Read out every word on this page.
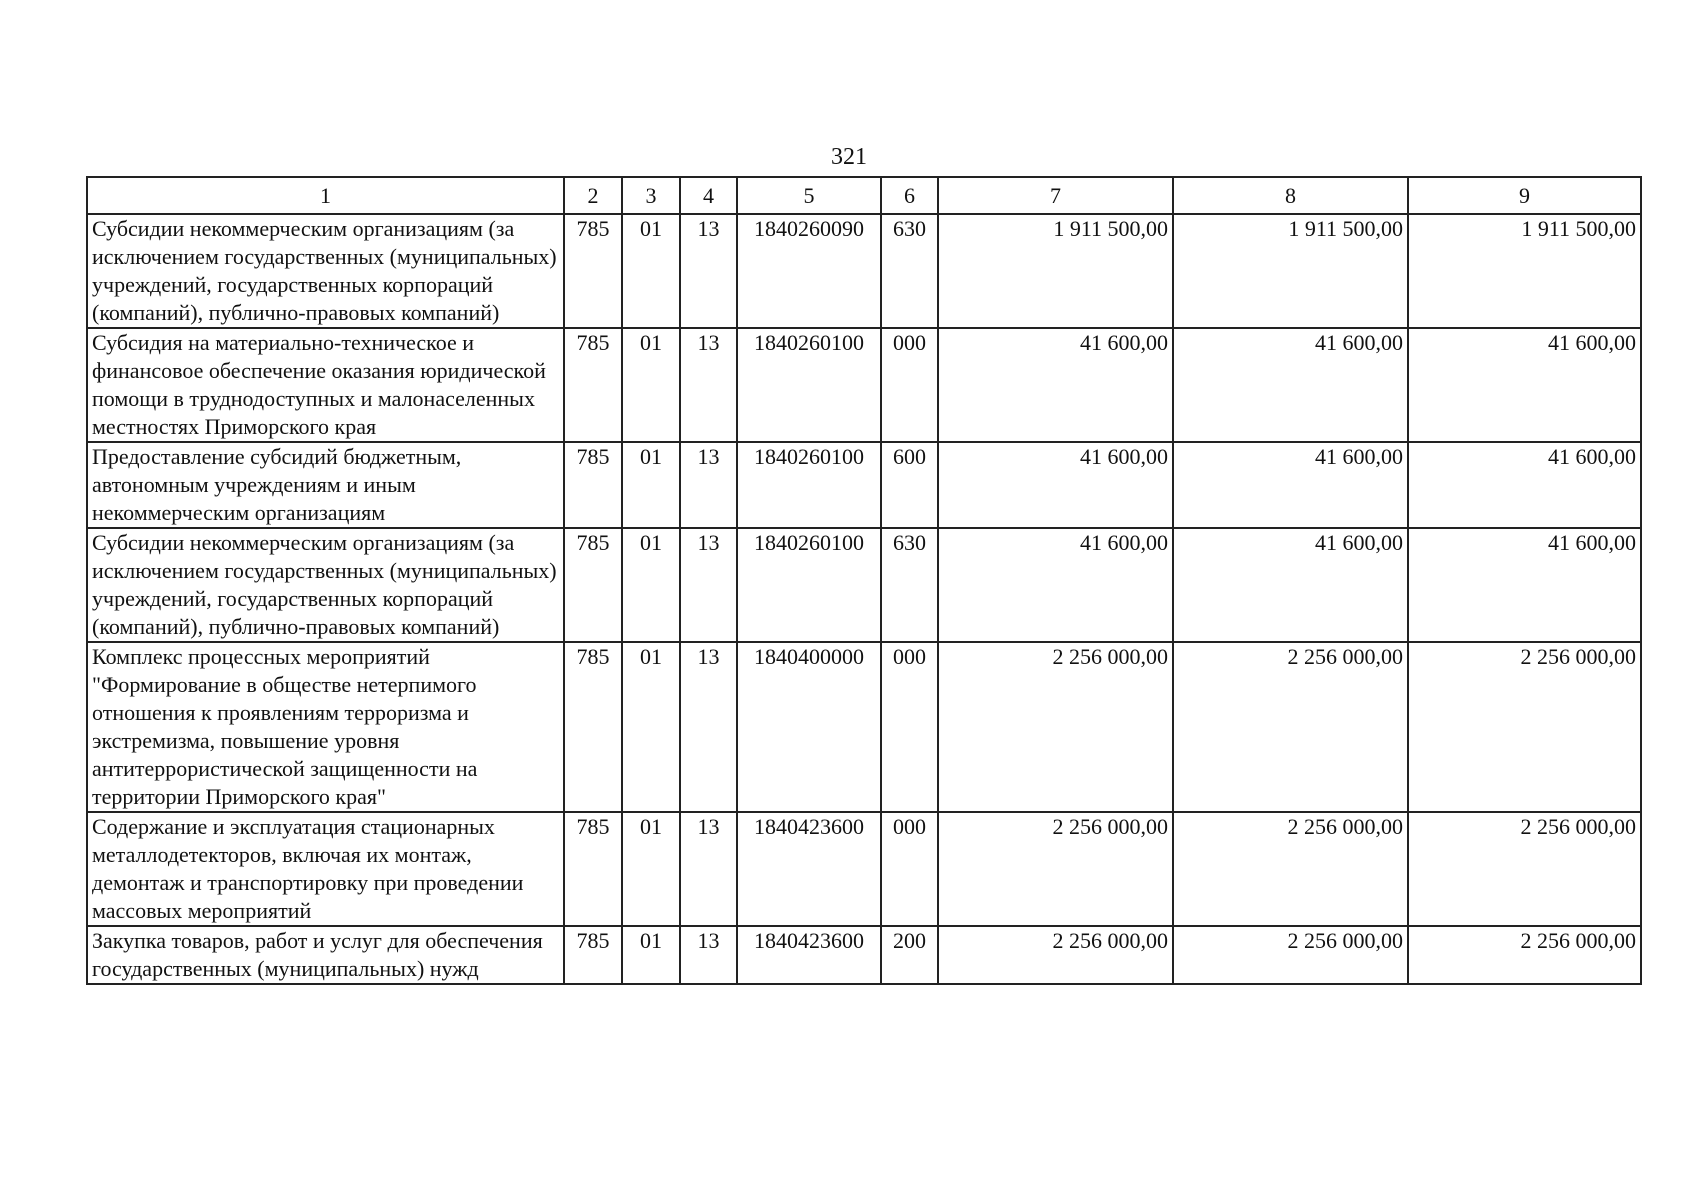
321
1	2	3	4	5	6	7	8	9
Субсидии некоммерческим организациям (за исключением государственных (муниципальных) учреждений, государственных корпораций (компаний), публично-правовых компаний)	785	01	13	1840260090	630	1 911 500,00	1 911 500,00	1 911 500,00
Субсидия на материально-техническое и финансовое обеспечение оказания юридической помощи в труднодоступных и малонаселенных местностях Приморского края	785	01	13	1840260100	000	41 600,00	41 600,00	41 600,00
Предоставление субсидий бюджетным, автономным учреждениям и иным некоммерческим организациям	785	01	13	1840260100	600	41 600,00	41 600,00	41 600,00
Субсидии некоммерческим организациям (за исключением государственных (муниципальных) учреждений, государственных корпораций (компаний), публично-правовых компаний)	785	01	13	1840260100	630	41 600,00	41 600,00	41 600,00
Комплекс процессных мероприятий "Формирование в обществе нетерпимого отношения к проявлениям терроризма и экстремизма, повышение уровня антитеррористической защищенности на территории Приморского края"	785	01	13	1840400000	000	2 256 000,00	2 256 000,00	2 256 000,00
Содержание и эксплуатация стационарных металлодетекторов, включая их монтаж, демонтаж и транспортировку при проведении массовых мероприятий	785	01	13	1840423600	000	2 256 000,00	2 256 000,00	2 256 000,00
Закупка товаров, работ и услуг для обеспечения государственных (муниципальных) нужд	785	01	13	1840423600	200	2 256 000,00	2 256 000,00	2 256 000,00
